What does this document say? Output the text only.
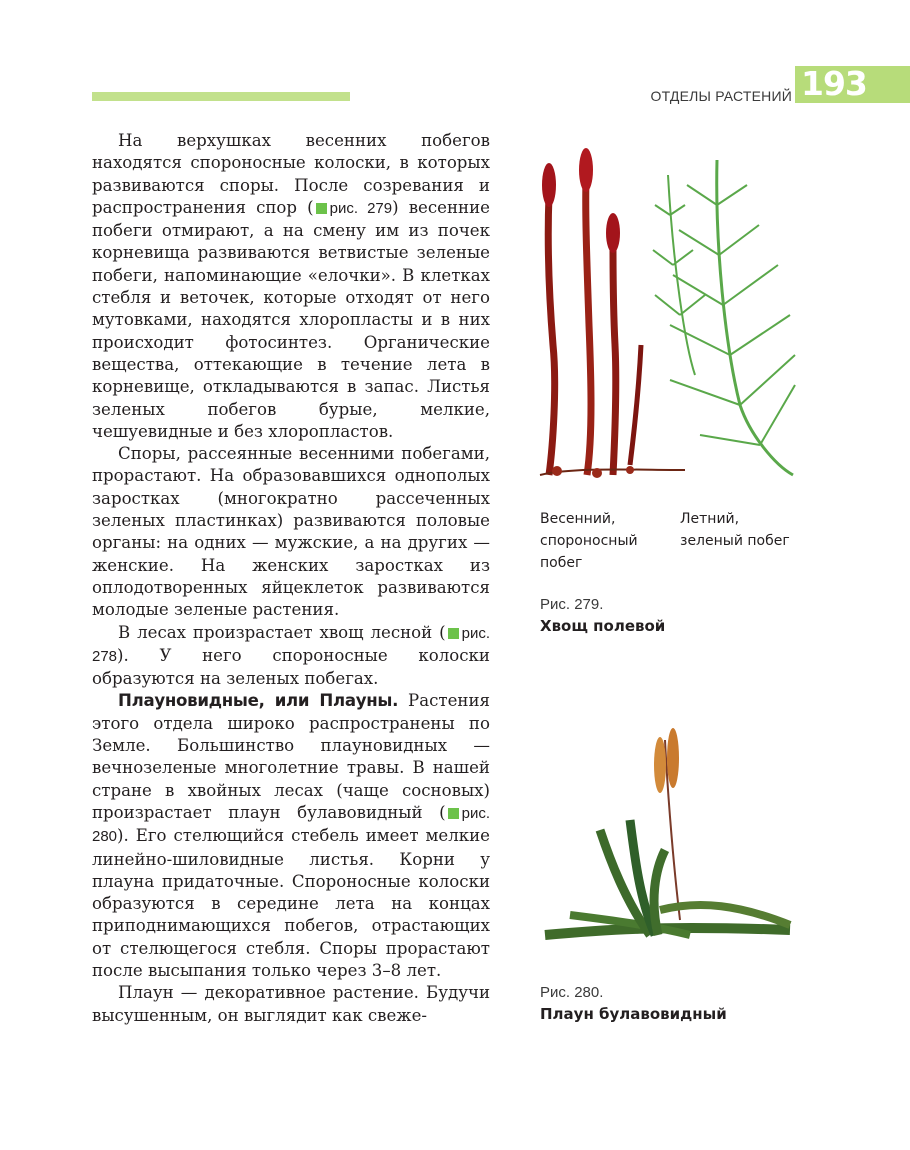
ОТДЕЛЫ РАСТЕНИЙ 193

На верхушках весенних побегов находятся спороносные колоски, в которых развиваются споры. После созревания и распространения спор ( рис. 279) весенние побеги отмирают, а на смену им из почек корневища развиваются ветвистые зеленые побеги, напоминающие «елочки». В клетках стебля и веточек, которые отходят от него мутовками, находятся хлоропласты и в них происходит фотосинтез. Органические вещества, оттекающие в течение лета в корневище, откладываются в запас. Листья зеленых побегов бурые, мелкие, чешуевидные и без хлоропластов.

Споры, рассеянные весенними побегами, прорастают. На образовавшихся однополых заростках (многократно рассеченных зеленых пластинках) развиваются половые органы: на одних — мужские, а на других — женские. На женских заростках из оплодотворенных яйцеклеток развиваются молодые зеленые растения.

В лесах произрастает хвощ лесной ( рис. 278). У него спороносные колоски образуются на зеленых побегах.

Плауновидные, или Плауны. Растения этого отдела широко распространены по Земле. Большинство плауновидных — вечнозеленые многолетние травы. В нашей стране в хвойных лесах (чаще сосновых) произрастает плаун булавовидный ( рис. 280). Его стелющийся стебель имеет мелкие линейно-шиловидные листья. Корни у плауна придаточные. Спороносные колоски образуются в середине лета на концах приподнимающихся побегов, отрастающих от стелющегося стебля. Споры прорастают после высыпания только через 3–8 лет.

Плаун — декоративное растение. Будучи высушенным, он выглядит как свеже-

Весенний, спороносный побег
Летний, зеленый побег
Рис. 279.
Хвощ полевой
Рис. 280.
Плаун булавовидный
